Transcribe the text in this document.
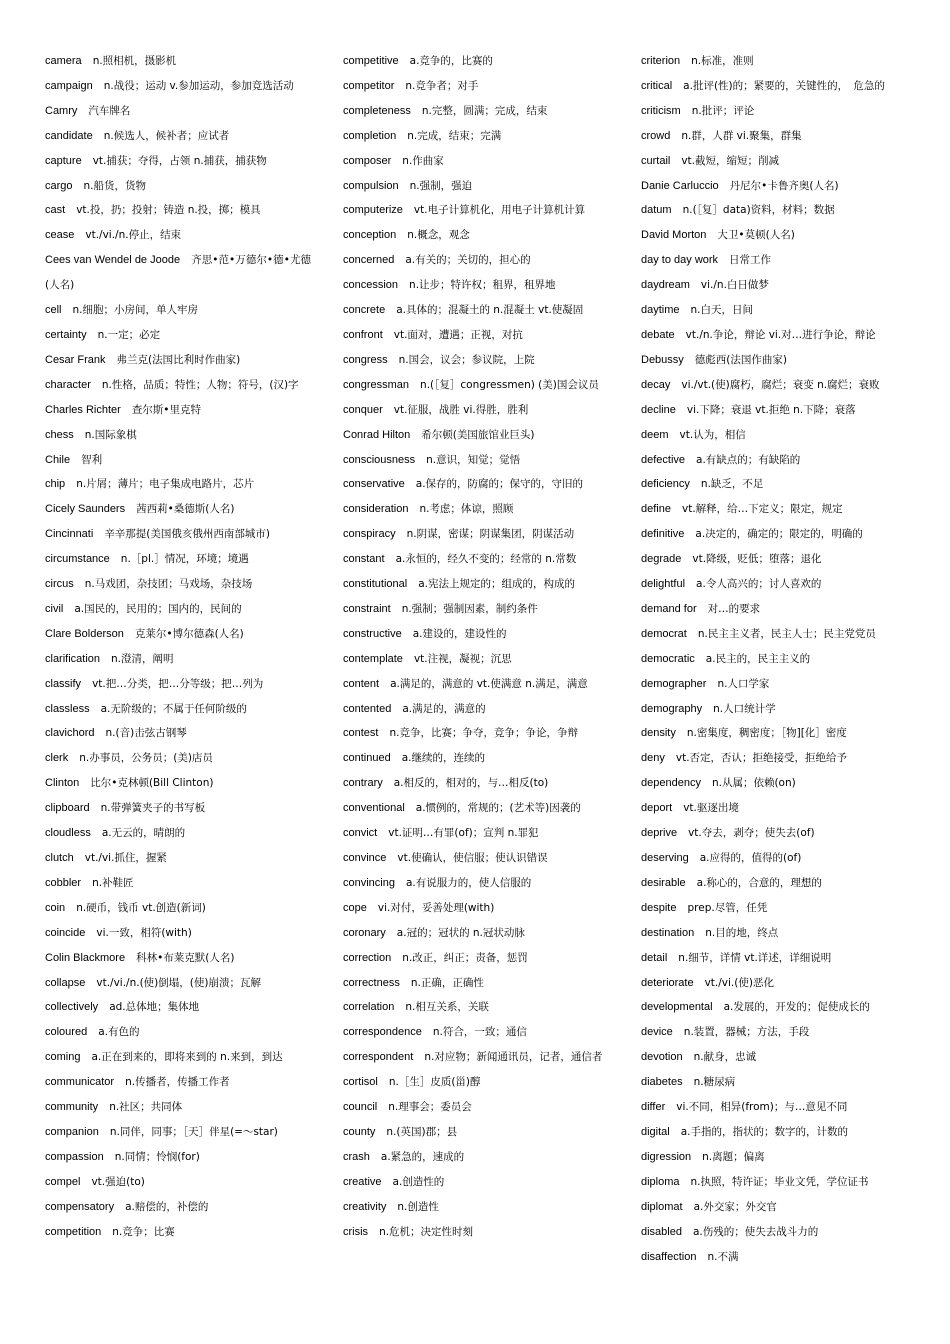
camera n.照相机，摄影机
campaign n.战役；运动 v.参加运动，参加竞选活动
Camry 汽车牌名
candidate n.候选人，候补者；应试者
capture vt.捕获；夺得，占领 n.捕获，捕获物
cargo n.船货，货物
cast vt.投，扔；投射；铸造 n.投，掷；模具
cease vt./vi./n.停止，结束
Cees van Wendel de Joode 齐思•范•万德尔•德•尤德(人名)
cell n.细胞；小房间，单人牢房
certainty n.一定；必定
Cesar Frank 弗兰克(法国比利时作曲家)
character n.性格，品质；特性；人物；符号，(汉)字
Charles Richter 查尔斯•里克特
chess n.国际象棋
Chile 智利
chip n.片屑；薄片；电子集成电路片，芯片
Cicely Saunders 茜西莉•桑德斯(人名)
Cincinnati 辛辛那提(美国俄亥俄州西南部城市)
circumstance n.［pl.］情况，环境；境遇
circus n.马戏团，杂技团；马戏场，杂技场
civil a.国民的，民用的；国内的，民间的
Clare Bolderson 克莱尔•博尔德森(人名)
clarification n.澄清，阐明
classify vt.把…分类，把…分等级；把…列为
classless a.无阶级的；不属于任何阶级的
clavichord n.(音)击弦古钢琴
clerk n.办事员，公务员；(美)店员
Clinton 比尔•克林顿(Bill Clinton)
clipboard n.带弹簧夹子的书写板
cloudless a.无云的，晴朗的
clutch vt./vi.抓住，握紧
cobbler n.补鞋匠
coin n.硬币，钱币 vt.创造(新词)
coincide vi.一致，相符(with)
Colin Blackmore 科林•布莱克默(人名)
collapse vt./vi./n.(使)倒塌，(使)崩溃；瓦解
collectively ad.总体地；集体地
coloured a.有色的
coming a.正在到来的，即将来到的 n.来到，到达
communicator n.传播者，传播工作者
community n.社区；共同体
companion n.同伴，同事；［天］伴星(=～star)
compassion n.同情；怜悯(for)
compel vt.强迫(to)
compensatory a.赔偿的，补偿的
competition n.竞争；比赛
competitive a.竞争的，比赛的
competitor n.竞争者；对手
completeness n.完整，圆满；完成，结束
completion n.完成，结束；完满
composer n.作曲家
compulsion n.强制，强迫
computerize vt.电子计算机化，用电子计算机计算
conception n.概念，观念
concerned a.有关的；关切的，担心的
concession n.让步；特许权；租界，租界地
concrete a.具体的；混凝土的 n.混凝土 vt.使凝固
confront vt.面对，遭遇；正视，对抗
congress n.国会，议会；参议院，上院
congressman n.(［复］congressmen) (美)国会议员
conquer vt.征服，战胜 vi.得胜，胜利
Conrad Hilton 希尔顿(美国旅馆业巨头)
consciousness n.意识，知觉；觉悟
conservative a.保存的，防腐的；保守的，守旧的
consideration n.考虑；体谅，照顾
conspiracy n.阴谋，密谋；阴谋集团，阴谋活动
constant a.永恒的，经久不变的；经常的 n.常数
constitutional a.宪法上规定的；组成的，构成的
constraint n.强制；强制因素，制约条件
constructive a.建设的，建设性的
contemplate vt.注视，凝视；沉思
content a.满足的，满意的 vt.使满意 n.满足，满意
contented a.满足的，满意的
contest n.竞争，比赛；争夺，竞争；争论，争辩
continued a.继续的，连续的
contrary a.相反的，相对的，与…相反(to)
conventional a.惯例的，常规的；(艺术等)因袭的
convict vt.证明…有罪(of)；宣判 n.罪犯
convince vt.使确认，使信服；使认识错误
convincing a.有说服力的，使人信服的
cope vi.对付，妥善处理(with)
coronary a.冠的；冠状的 n.冠状动脉
correction n.改正，纠正；责备，惩罚
correctness n.正确，正确性
correlation n.相互关系，关联
correspondence n.符合，一致；通信
correspondent n.对应物；新闻通讯员，记者，通信者
cortisol n.［生］皮质(甾)醇
council n.理事会；委员会
county n.(英国)郡；县
crash a.紧急的，速成的
creative a.创造性的
creativity n.创造性
crisis n.危机；决定性时刻
criterion n.标准，准则
critical a.批评(性)的；紧要的，关键性的，　危急的
criticism n.批评；评论
crowd n.群，人群 vi.聚集，群集
curtail vt.截短，缩短；削减
Danie Carluccio 丹尼尔•卡鲁齐奥(人名)
datum n.(［复］data)资料，材料；数据
David Morton 大卫•莫顿(人名)
day to day work 日常工作
daydream vi./n.白日做梦
daytime n.白天，日间
debate vt./n.争论，辩论 vi.对…进行争论，辩论
Debussy 德彪西(法国作曲家)
decay vi./vt.(使)腐朽，腐烂；衰变 n.腐烂；衰败
decline vi.下降；衰退 vt.拒绝 n.下降；衰落
deem vt.认为，相信
defective a.有缺点的；有缺陷的
deficiency n.缺乏，不足
define vt.解释，给…下定义；限定，规定
definitive a.决定的，确定的；限定的，明确的
degrade vt.降级，贬低；堕落；退化
delightful a.令人高兴的；讨人喜欢的
demand for 对…的要求
democrat n.民主主义者，民主人士；民主党党员
democratic a.民主的，民主主义的
demographer n.人口学家
demography n.人口统计学
density n.密集度，稠密度；［物][化］密度
deny vt.否定，否认；拒绝接受，拒绝给予
dependency n.从属；依赖(on)
deport vt.驱逐出境
deprive vt.夺去，剥夺；使失去(of)
deserving a.应得的，值得的(of)
desirable a.称心的，合意的，理想的
despite prep.尽管，任凭
destination n.目的地，终点
detail n.细节，详情 vt.详述，详细说明
deteriorate vt./vi.(使)恶化
developmental a.发展的，开发的；促使成长的
device n.装置，器械；方法，手段
devotion n.献身，忠诚
diabetes n.糖尿病
differ vi.不同，相异(from)；与…意见不同
digital a.手指的，指状的；数字的，计数的
digression n.离题；偏离
diploma n.执照，特许证；毕业文凭，学位证书
diplomat a.外交家；外交官
disabled a.伤残的；使失去战斗力的
disaffection n.不满
